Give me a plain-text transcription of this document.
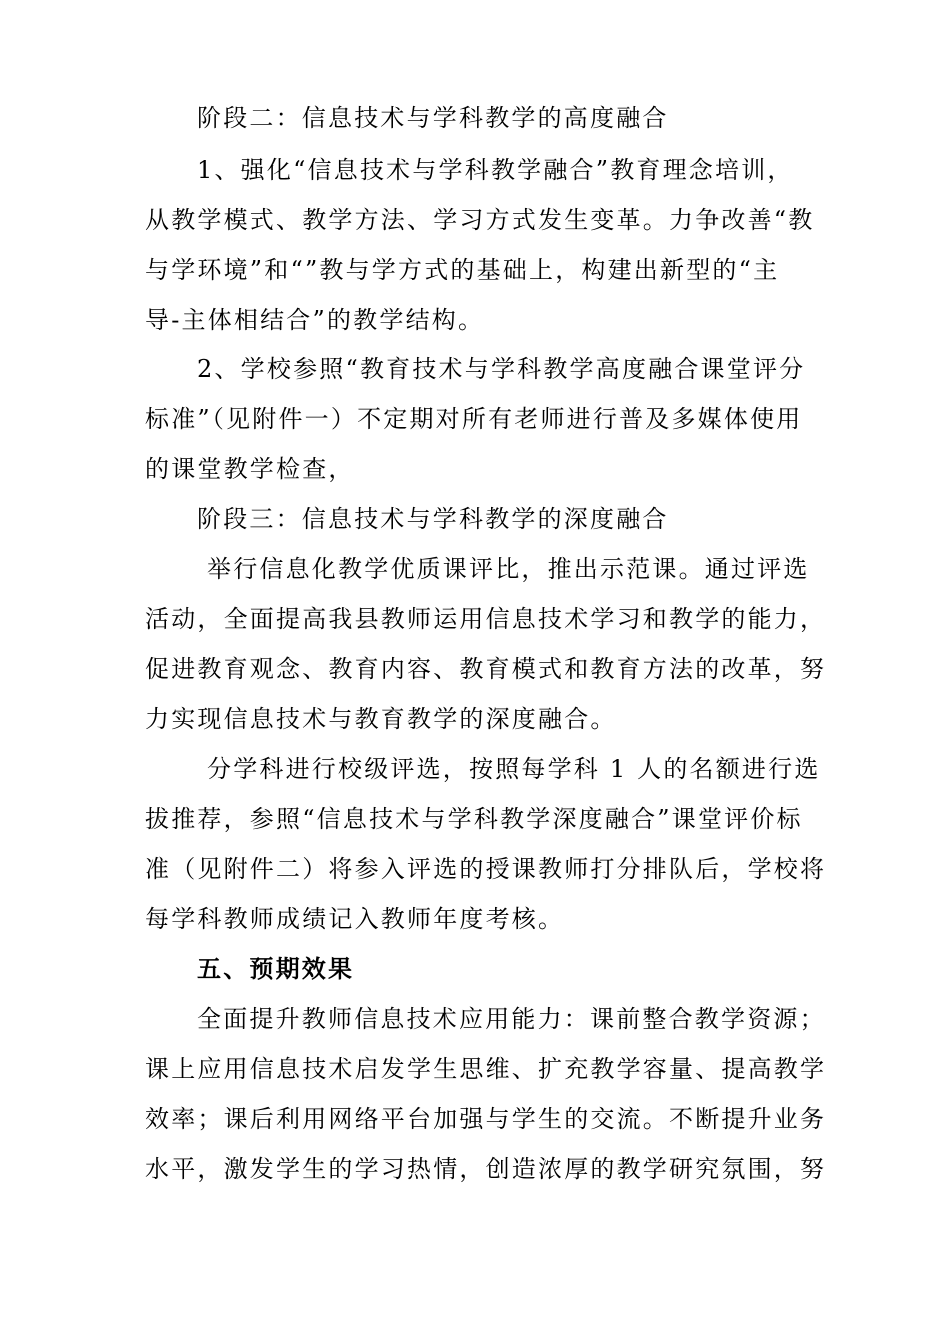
阶段二：信息技术与学科教学的高度融合
1、强化“信息技术与学科教学融合”教育理念培训，
从教学模式、教学方法、学习方式发生变革。力争改善“教
与学环境”和“”教与学方式的基础上，构建出新型的“主
导-主体相结合”的教学结构。
2、学校参照“教育技术与学科教学高度融合课堂评分
标准”（见附件一）不定期对所有老师进行普及多媒体使用
的课堂教学检查，
阶段三：信息技术与学科教学的深度融合
举行信息化教学优质课评比，推出示范课。通过评选
活动，全面提高我县教师运用信息技术学习和教学的能力，
促进教育观念、教育内容、教育模式和教育方法的改革，努
力实现信息技术与教育教学的深度融合。
分学科进行校级评选，按照每学科 1 人的名额进行选
拔推荐，参照“信息技术与学科教学深度融合”课堂评价标
准（见附件二）将参入评选的授课教师打分排队后，学校将
每学科教师成绩记入教师年度考核。
五、预期效果
全面提升教师信息技术应用能力：课前整合教学资源；
课上应用信息技术启发学生思维、扩充教学容量、提高教学
效率；课后利用网络平台加强与学生的交流。不断提升业务
水平，激发学生的学习热情，创造浓厚的教学研究氛围，努
